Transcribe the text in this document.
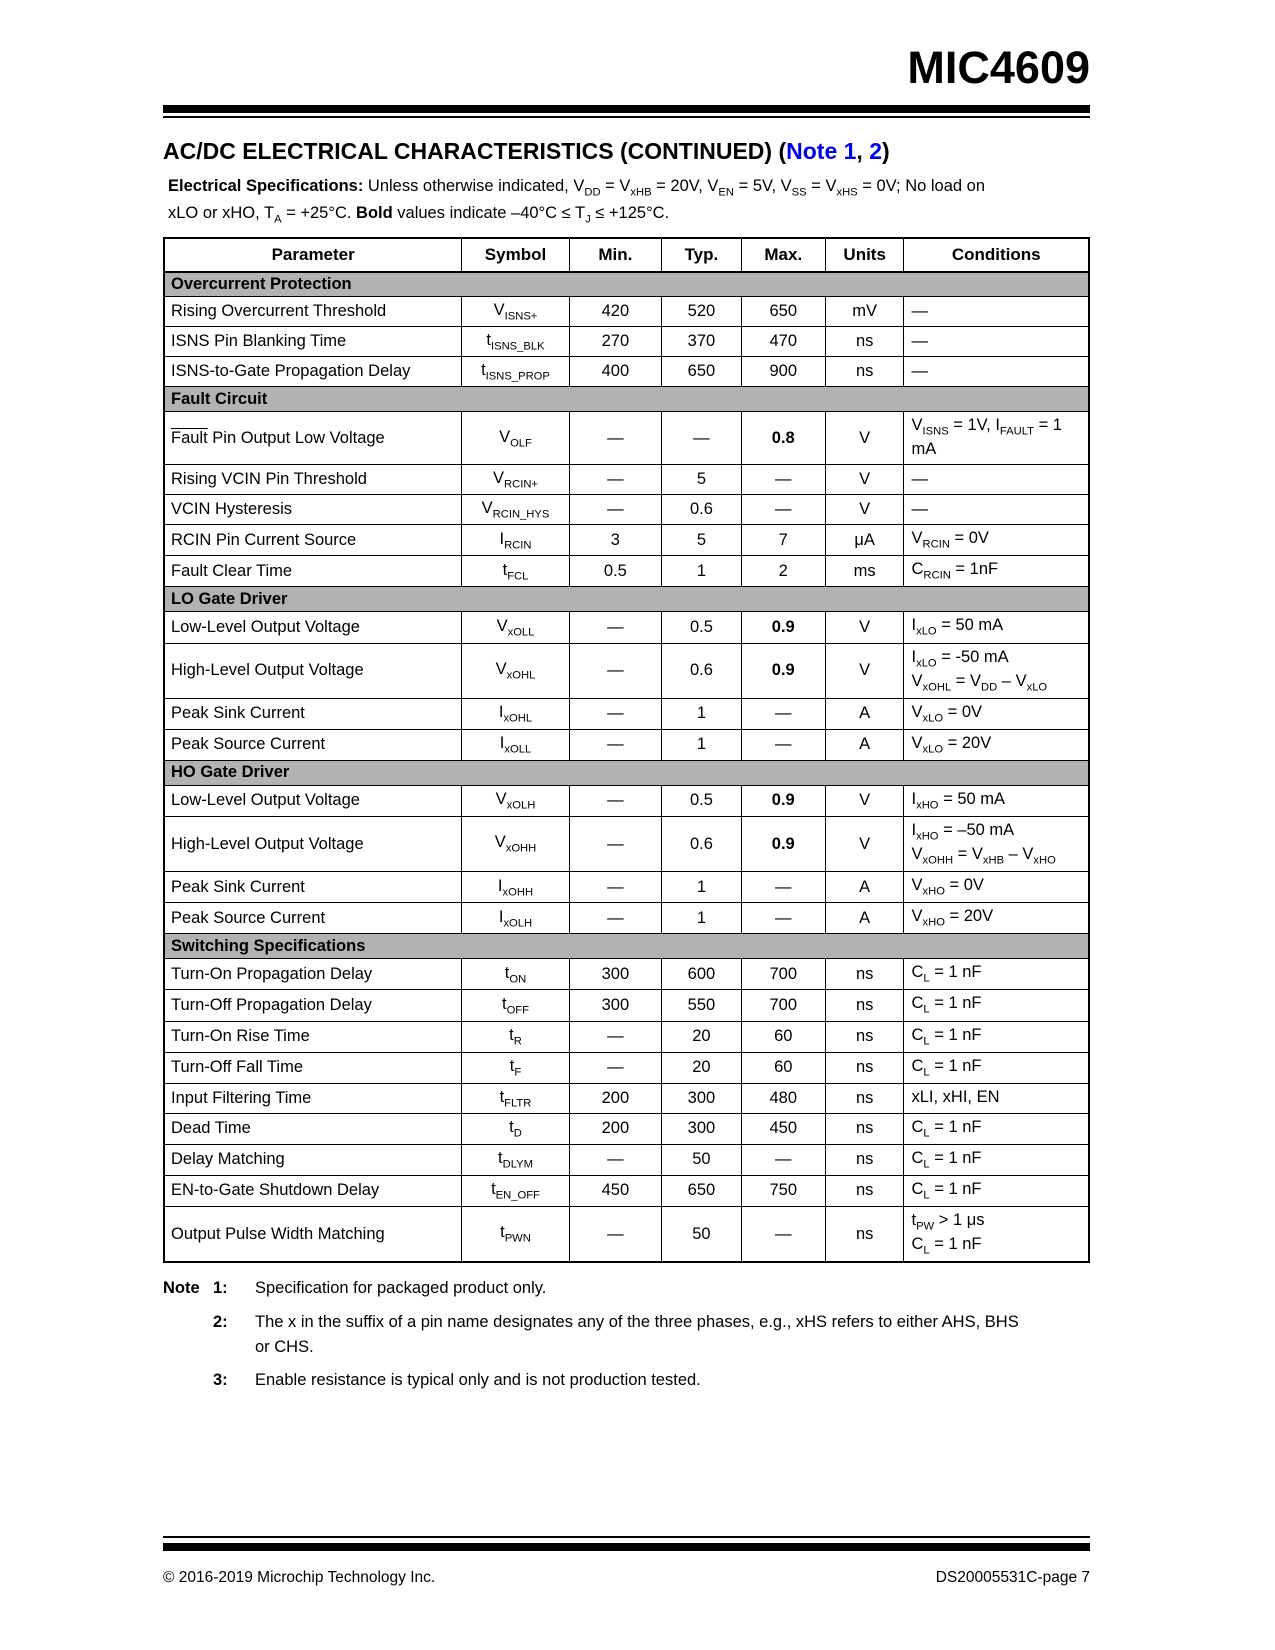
MIC4609
AC/DC ELECTRICAL CHARACTERISTICS (CONTINUED) (Note 1, 2)

Electrical Specifications: Unless otherwise indicated, $V_{DD} = V_{xHB} = 20V$, $V_{EN} = 5V$, $V_{SS} = V_{xHS} = 0V$; No load on
xLO or xHO, $T_A = +25^\circ C$. Bold values indicate $-40^\circ C \le T_J \le +125^\circ C$.

Parameter	Symbol	Min.	Typ.	Max.	Units	Conditions
Overcurrent Protection						
Rising Overcurrent Threshold	$V_{ISNS+}$	420	520	650	mV	—
ISNS Pin Blanking Time	$t_{ISNS\_BLK}$	270	370	470	ns	—
ISNS-to-Gate Propagation Delay	$t_{ISNS\_PROP}$	400	650	900	ns	—
Fault Circuit						
Fault Pin Output Low Voltage	$V_{OLF}$	—	—	0.8	V	$V_{ISNS} = 1V$, $I_{FAULT} = 1$ mA
Rising VCIN Pin Threshold	$V_{RCIN+}$	—	5	—	V	—
VCIN Hysteresis	$V_{RCIN\_HYS}$	—	0.6	—	V	—
RCIN Pin Current Source	$I_{RCIN}$	3	5	7	μA	$V_{RCIN} = 0V$
Fault Clear Time	$t_{FCL}$	0.5	1	2	ms	$C_{RCIN} = 1nF$
LO Gate Driver						
Low-Level Output Voltage	$V_{xOLL}$	—	0.5	0.9	V	$I_{xLO} = 50$ mA
High-Level Output Voltage	$V_{xOHL}$	—	0.6	0.9	V	$I_{xLO} = -50$ mA
$V_{xOHL} = V_{DD} - V_{xLO}$
Peak Sink Current	$I_{xOHL}$	—	1	—	A	$V_{xLO} = 0V$
Peak Source Current	$I_{xOLL}$	—	1	—	A	$V_{xLO} = 20V$
HO Gate Driver						
Low-Level Output Voltage	$V_{xOLH}$	—	0.5	0.9	V	$I_{xHO} = 50$ mA
High-Level Output Voltage	$V_{xOHH}$	—	0.6	0.9	V	$I_{xHO} = -50$ mA
$V_{xOHH} = V_{xHB} - V_{xHO}$
Peak Sink Current	$I_{xOHH}$	—	1	—	A	$V_{xHO} = 0V$
Peak Source Current	$I_{xOLH}$	—	1	—	A	$V_{xHO} = 20V$
Switching Specifications						
Turn-On Propagation Delay	$t_{ON}$	300	600	700	ns	$C_L = 1$ nF
Turn-Off Propagation Delay	$t_{OFF}$	300	550	700	ns	$C_L = 1$ nF
Turn-On Rise Time	$t_R$	—	20	60	ns	$C_L = 1$ nF
Turn-Off Fall Time	$t_F$	—	20	60	ns	$C_L = 1$ nF
Input Filtering Time	$t_{FLTR}$	200	300	480	ns	xLI, xHI, EN
Dead Time	$t_D$	200	300	450	ns	$C_L = 1$ nF
Delay Matching	$t_{DLYM}$	—	50	—	ns	$C_L = 1$ nF
EN-to-Gate Shutdown Delay	$t_{EN\_OFF}$	450	650	750	ns	$C_L = 1$ nF
Output Pulse Width Matching	$t_{PWN}$	—	50	—	ns	$t_{PW} > 1$ μs
$C_L = 1$ nF
Note 1:	Specification for packaged product only.
2:	The x in the suffix of a pin name designates any of the three phases, e.g., xHS refers to either AHS, BHS
or CHS.
3:	Enable resistance is typical only and is not production tested.
© 2016-2019 Microchip Technology Inc.	DS20005531C-page 7
